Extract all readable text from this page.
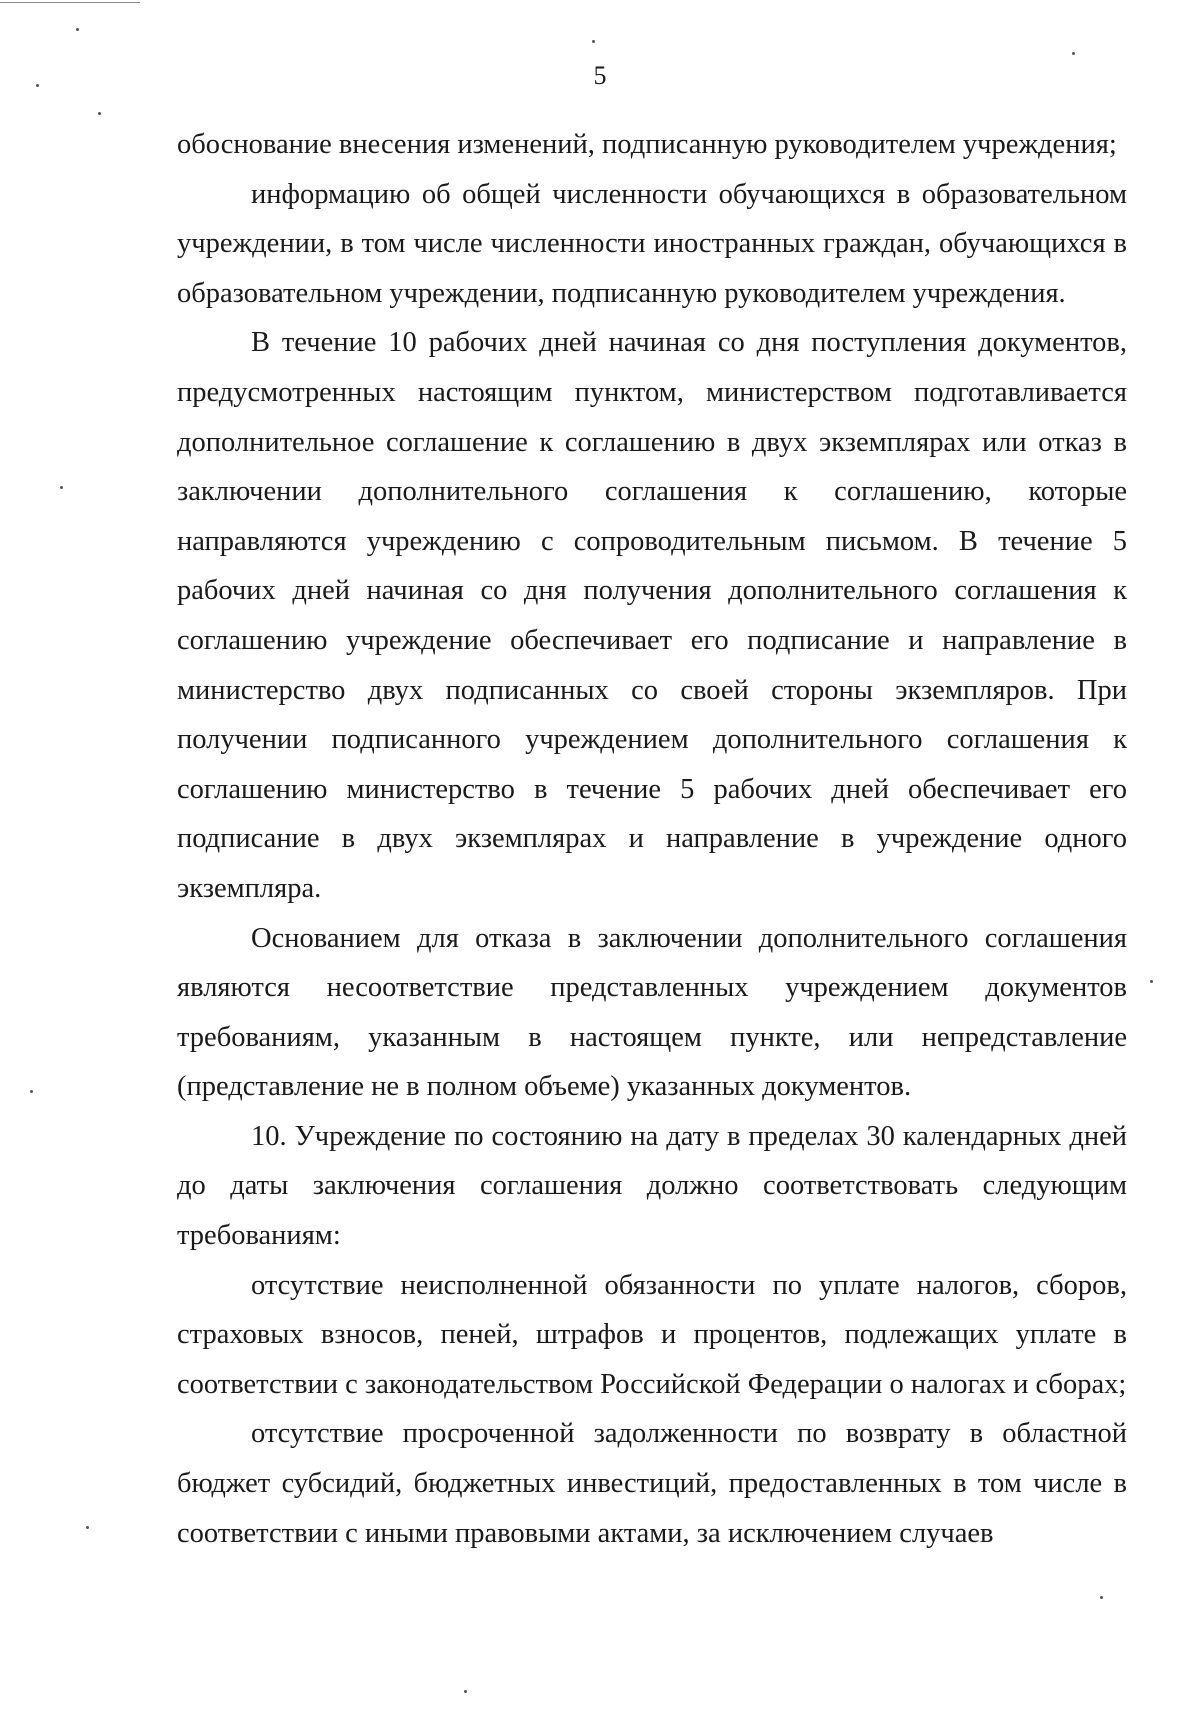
5

обоснование внесения изменений, подписанную руководителем учреждения;

информацию об общей численности обучающихся в образовательном учреждении, в том числе численности иностранных граждан, обучающихся в образовательном учреждении, подписанную руководителем учреждения.

В течение 10 рабочих дней начиная со дня поступления документов, предусмотренных настоящим пунктом, министерством подготавливается дополнительное соглашение к соглашению в двух экземплярах или отказ в заключении дополнительного соглашения к соглашению, которые направляются учреждению с сопроводительным письмом. В течение 5 рабочих дней начиная со дня получения дополнительного соглашения к соглашению учреждение обеспечивает его подписание и направление в министерство двух подписанных со своей стороны экземпляров. При получении подписанного учреждением дополнительного соглашения к соглашению министерство в течение 5 рабочих дней обеспечивает его подписание в двух экземплярах и направление в учреждение одного экземпляра.

Основанием для отказа в заключении дополнительного соглашения являются несоответствие представленных учреждением документов требованиям, указанным в настоящем пункте, или непредставление (представление не в полном объеме) указанных документов.

10. Учреждение по состоянию на дату в пределах 30 календарных дней до даты заключения соглашения должно соответствовать следующим требованиям:

отсутствие неисполненной обязанности по уплате налогов, сборов, страховых взносов, пеней, штрафов и процентов, подлежащих уплате в соответствии с законодательством Российской Федерации о налогах и сборах;

отсутствие просроченной задолженности по возврату в областной бюджет субсидий, бюджетных инвестиций, предоставленных в том числе в соответствии с иными правовыми актами, за исключением случаев
